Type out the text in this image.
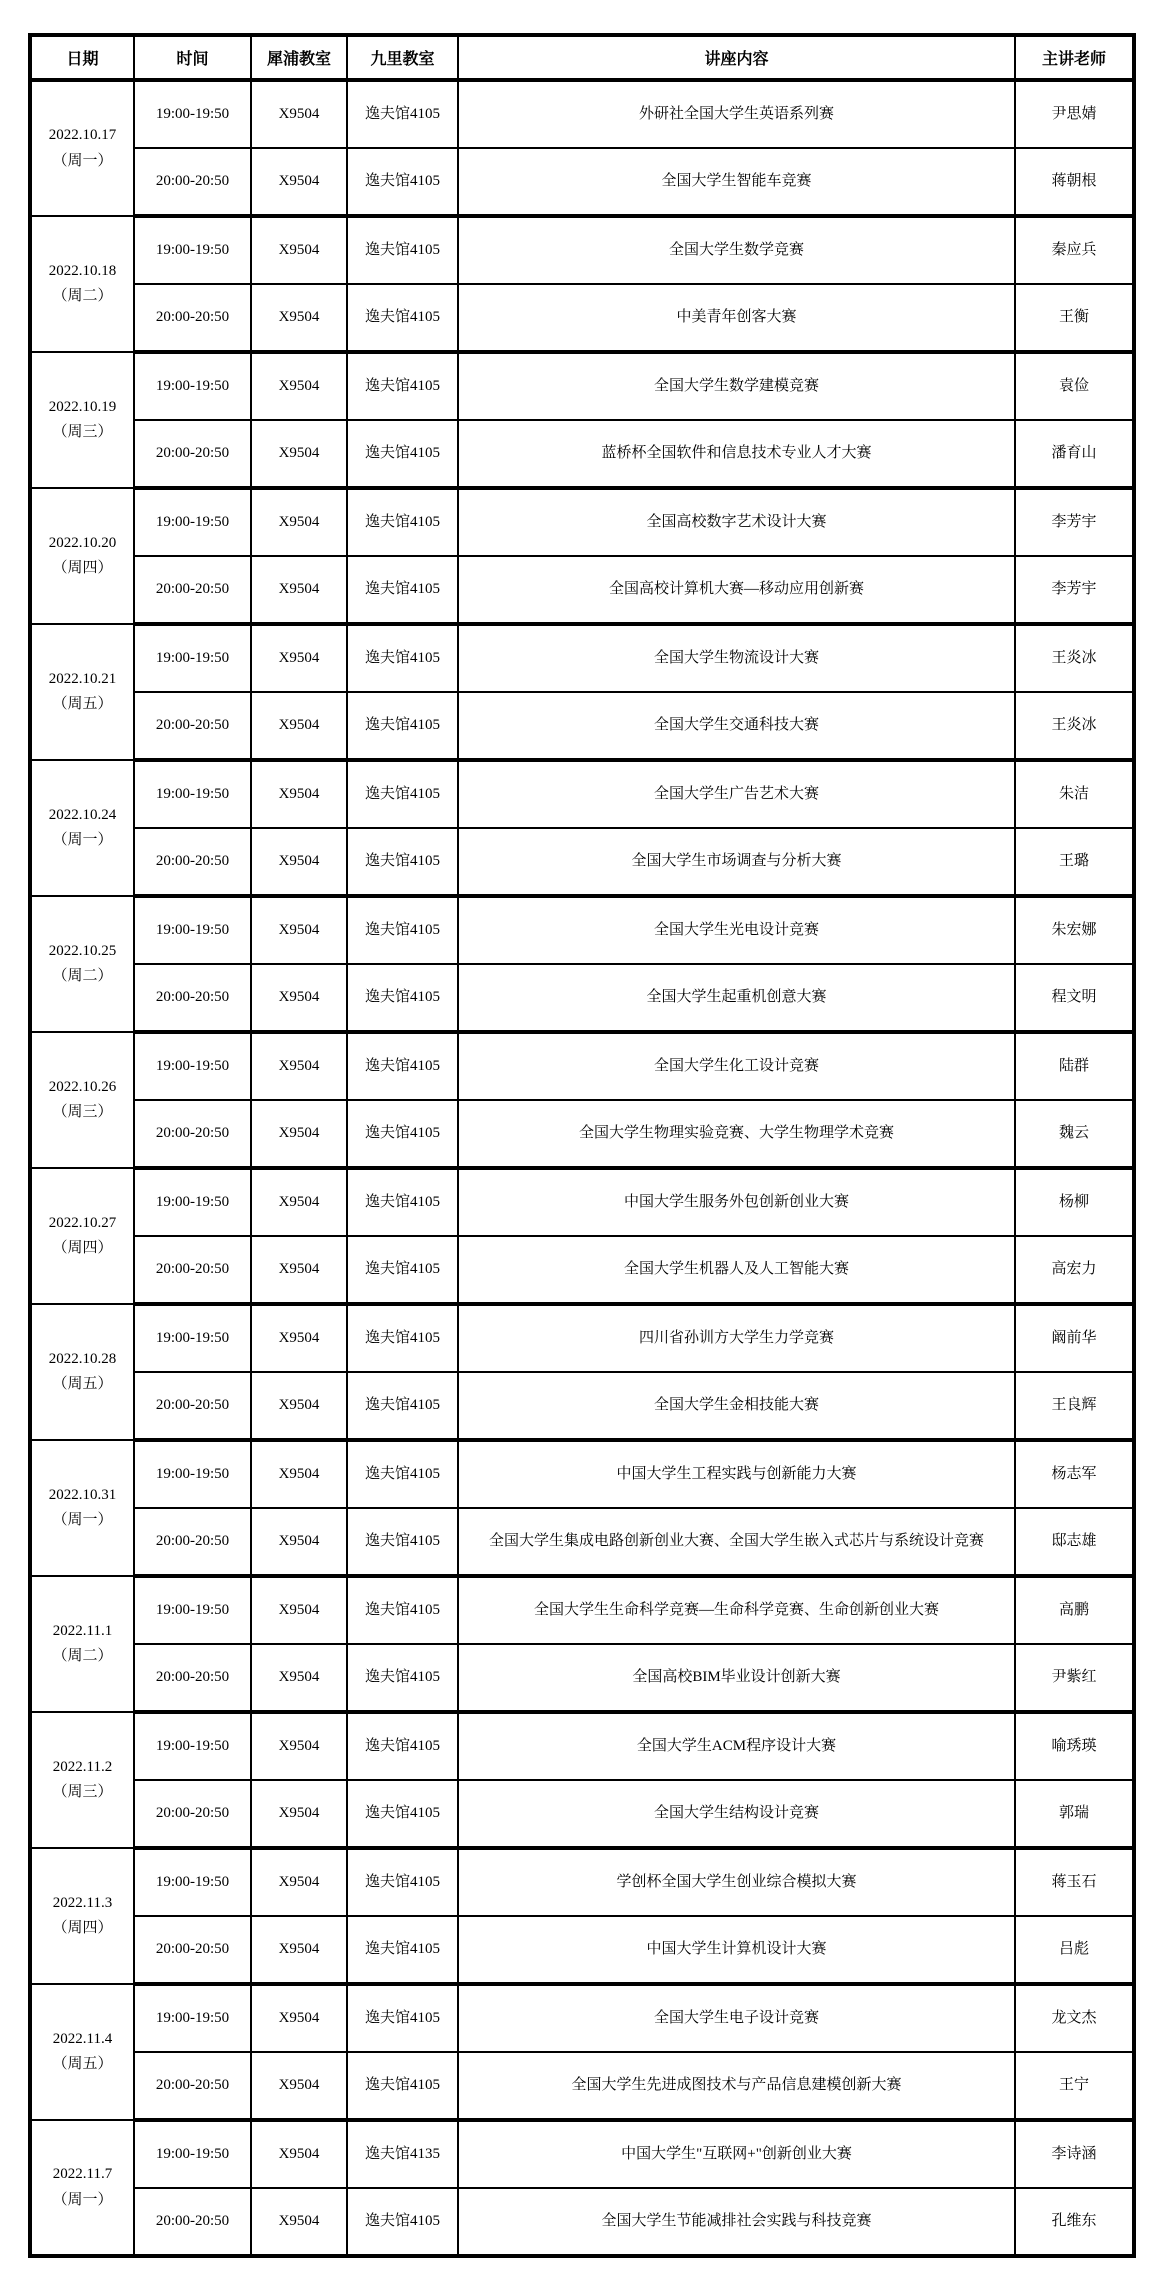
日期	时间	犀浦教室	九里教室	讲座内容	主讲老师

2022.10.17
（周一）	19:00-19:50	X9504	逸夫馆4105	外研社全国大学生英语系列赛	尹思婧
	20:00-20:50	X9504	逸夫馆4105	全国大学生智能车竞赛	蒋朝根

2022.10.18
（周二）	19:00-19:50	X9504	逸夫馆4105	全国大学生数学竞赛	秦应兵
	20:00-20:50	X9504	逸夫馆4105	中美青年创客大赛	王衡

2022.10.19
（周三）	19:00-19:50	X9504	逸夫馆4105	全国大学生数学建模竞赛	袁俭
	20:00-20:50	X9504	逸夫馆4105	蓝桥杯全国软件和信息技术专业人才大赛	潘育山

2022.10.20
（周四）	19:00-19:50	X9504	逸夫馆4105	全国高校数字艺术设计大赛	李芳宇
	20:00-20:50	X9504	逸夫馆4105	全国高校计算机大赛—移动应用创新赛	李芳宇

2022.10.21
（周五）	19:00-19:50	X9504	逸夫馆4105	全国大学生物流设计大赛	王炎冰
	20:00-20:50	X9504	逸夫馆4105	全国大学生交通科技大赛	王炎冰

2022.10.24
（周一）	19:00-19:50	X9504	逸夫馆4105	全国大学生广告艺术大赛	朱洁
	20:00-20:50	X9504	逸夫馆4105	全国大学生市场调查与分析大赛	王璐

2022.10.25
（周二）	19:00-19:50	X9504	逸夫馆4105	全国大学生光电设计竞赛	朱宏娜
	20:00-20:50	X9504	逸夫馆4105	全国大学生起重机创意大赛	程文明

2022.10.26
（周三）	19:00-19:50	X9504	逸夫馆4105	全国大学生化工设计竞赛	陆群
	20:00-20:50	X9504	逸夫馆4105	全国大学生物理实验竞赛、大学生物理学术竞赛	魏云

2022.10.27
（周四）	19:00-19:50	X9504	逸夫馆4105	中国大学生服务外包创新创业大赛	杨柳
	20:00-20:50	X9504	逸夫馆4105	全国大学生机器人及人工智能大赛	高宏力

2022.10.28
（周五）	19:00-19:50	X9504	逸夫馆4105	四川省孙训方大学生力学竞赛	阚前华
	20:00-20:50	X9504	逸夫馆4105	全国大学生金相技能大赛	王良辉

2022.10.31
（周一）	19:00-19:50	X9504	逸夫馆4105	中国大学生工程实践与创新能力大赛	杨志军
	20:00-20:50	X9504	逸夫馆4105	全国大学生集成电路创新创业大赛、全国大学生嵌入式芯片与系统设计竞赛	邸志雄

2022.11.1
（周二）	19:00-19:50	X9504	逸夫馆4105	全国大学生生命科学竞赛—生命科学竞赛、生命创新创业大赛	高鹏
	20:00-20:50	X9504	逸夫馆4105	全国高校BIM毕业设计创新大赛	尹紫红

2022.11.2
（周三）	19:00-19:50	X9504	逸夫馆4105	全国大学生ACM程序设计大赛	喻琇瑛
	20:00-20:50	X9504	逸夫馆4105	全国大学生结构设计竞赛	郭瑞

2022.11.3
（周四）	19:00-19:50	X9504	逸夫馆4105	学创杯全国大学生创业综合模拟大赛	蒋玉石
	20:00-20:50	X9504	逸夫馆4105	中国大学生计算机设计大赛	吕彪

2022.11.4
（周五）	19:00-19:50	X9504	逸夫馆4105	全国大学生电子设计竞赛	龙文杰
	20:00-20:50	X9504	逸夫馆4105	全国大学生先进成图技术与产品信息建模创新大赛	王宁

2022.11.7
（周一）	19:00-19:50	X9504	逸夫馆4135	中国大学生"互联网+"创新创业大赛	李诗涵
	20:00-20:50	X9504	逸夫馆4105	全国大学生节能减排社会实践与科技竞赛	孔维东
